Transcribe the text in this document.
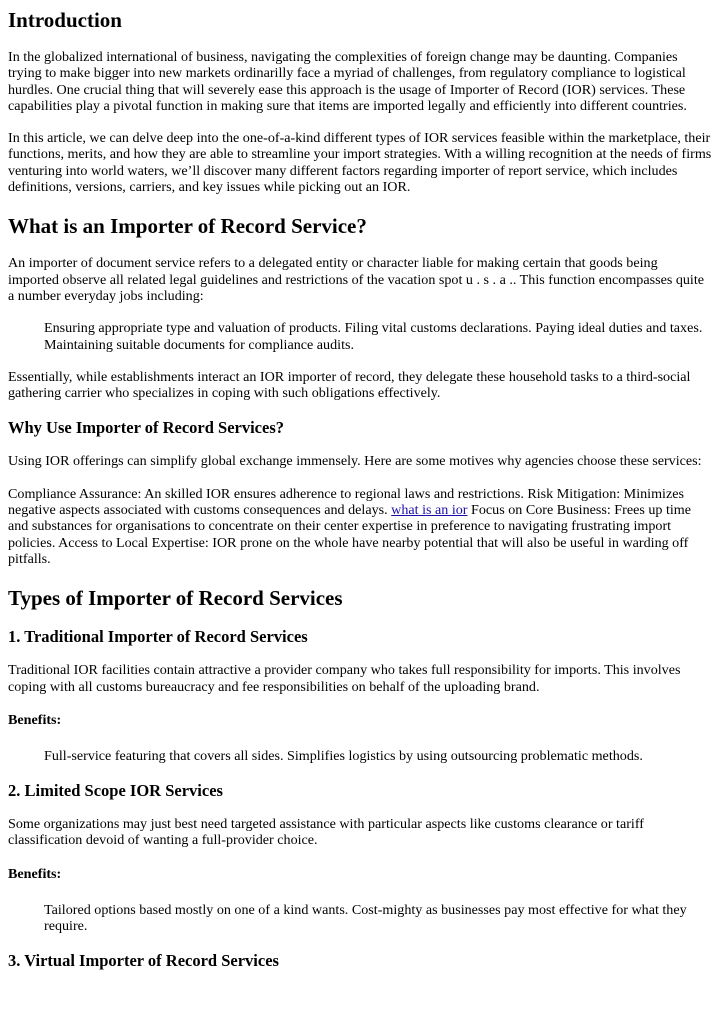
Introduction

In the globalized international of business, navigating the complexities of foreign change may be daunting. Companies trying to make bigger into new markets ordinarilly face a myriad of challenges, from regulatory compliance to logistical hurdles. One crucial thing that will severely ease this approach is the usage of Importer of Record (IOR) services. These capabilities play a pivotal function in making sure that items are imported legally and efficiently into different countries.

In this article, we can delve deep into the one-of-a-kind different types of IOR services feasible within the marketplace, their functions, merits, and how they are able to streamline your import strategies. With a willing recognition at the needs of firms venturing into world waters, we’ll discover many different factors regarding importer of report service, which includes definitions, versions, carriers, and key issues while picking out an IOR.

What is an Importer of Record Service?

An importer of document service refers to a delegated entity or character liable for making certain that goods being imported observe all related legal guidelines and restrictions of the vacation spot u . s . a .. This function encompasses quite a number everyday jobs including:

Ensuring appropriate type and valuation of products. Filing vital customs declarations. Paying ideal duties and taxes. Maintaining suitable documents for compliance audits.

Essentially, while establishments interact an IOR importer of record, they delegate these household tasks to a third-social gathering carrier who specializes in coping with such obligations effectively.

Why Use Importer of Record Services?

Using IOR offerings can simplify global exchange immensely. Here are some motives why agencies choose these services:

Compliance Assurance: An skilled IOR ensures adherence to regional laws and restrictions. Risk Mitigation: Minimizes negative aspects associated with customs consequences and delays. what is an ior Focus on Core Business: Frees up time and substances for organisations to concentrate on their center expertise in preference to navigating frustrating import policies. Access to Local Expertise: IOR prone on the whole have nearby potential that will also be useful in warding off pitfalls.

Types of Importer of Record Services
1. Traditional Importer of Record Services

Traditional IOR facilities contain attractive a provider company who takes full responsibility for imports. This involves coping with all customs bureaucracy and fee responsibilities on behalf of the uploading brand.

Benefits:

Full-service featuring that covers all sides. Simplifies logistics by using outsourcing problematic methods.

2. Limited Scope IOR Services

Some organizations may just best need targeted assistance with particular aspects like customs clearance or tariff classification devoid of wanting a full-provider choice.

Benefits:

Tailored options based mostly on one of a kind wants. Cost-mighty as businesses pay most effective for what they require.

3. Virtual Importer of Record Services
